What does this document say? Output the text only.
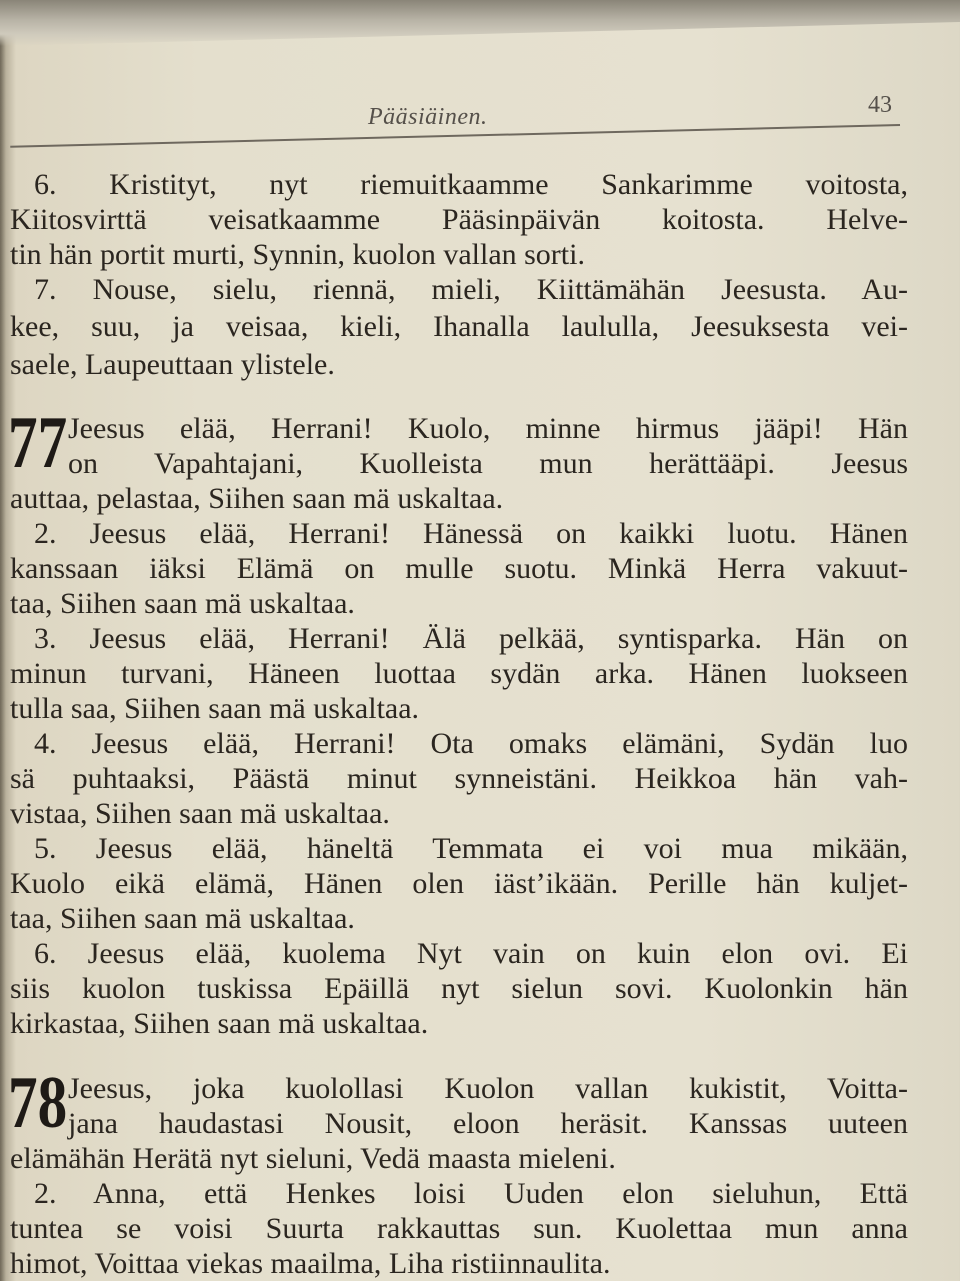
Pääsiäinen.	43
6. Kristityt, nyt riemuitkaamme Sankarimme voitosta,
Kiitosvirttä veisatkaamme Pääsinpäivän koitosta. Helve-
tin hän portit murti, Synnin, kuolon vallan sorti.
7. Nouse, sielu, riennä, mieli, Kiittämähän Jeesusta. Au-
kee, suu, ja veisaa, kieli, Ihanalla laululla, Jeesuksesta vei-
saele, Laupeuttaan ylistele.
77 Jeesus elää, Herrani! Kuolo, minne hirmus jääpi! Hän
on Vapahtajani, Kuolleista mun herättääpi. Jeesus
auttaa, pelastaa, Siihen saan mä uskaltaa.
2. Jeesus elää, Herrani! Hänessä on kaikki luotu. Hänen
kanssaan iäksi Elämä on mulle suotu. Minkä Herra vakuut-
taa, Siihen saan mä uskaltaa.
3. Jeesus elää, Herrani! Älä pelkää, syntisparka. Hän on
minun turvani, Häneen luottaa sydän arka. Hänen luokseen
tulla saa, Siihen saan mä uskaltaa.
4. Jeesus elää, Herrani! Ota omaks elämäni, Sydän luo
sä puhtaaksi, Päästä minut synneistäni. Heikkoa hän vah-
vistaa, Siihen saan mä uskaltaa.
5. Jeesus elää, häneltä Temmata ei voi mua mikään,
Kuolo eikä elämä, Hänen olen iäst’ikään. Perille hän kuljet-
taa, Siihen saan mä uskaltaa.
6. Jeesus elää, kuolema Nyt vain on kuin elon ovi. Ei
siis kuolon tuskissa Epäillä nyt sielun sovi. Kuolonkin hän
kirkastaa, Siihen saan mä uskaltaa.
78 Jeesus, joka kuolollasi Kuolon vallan kukistit, Voitta-
jana haudastasi Nousit, eloon heräsit. Kanssas uuteen
elämähän Herätä nyt sieluni, Vedä maasta mieleni.
2. Anna, että Henkes loisi Uuden elon sieluhun, Että
tuntea se voisi Suurta rakkauttas sun. Kuolettaa mun anna
himot, Voittaa viekas maailma, Liha ristiinnaulita.
